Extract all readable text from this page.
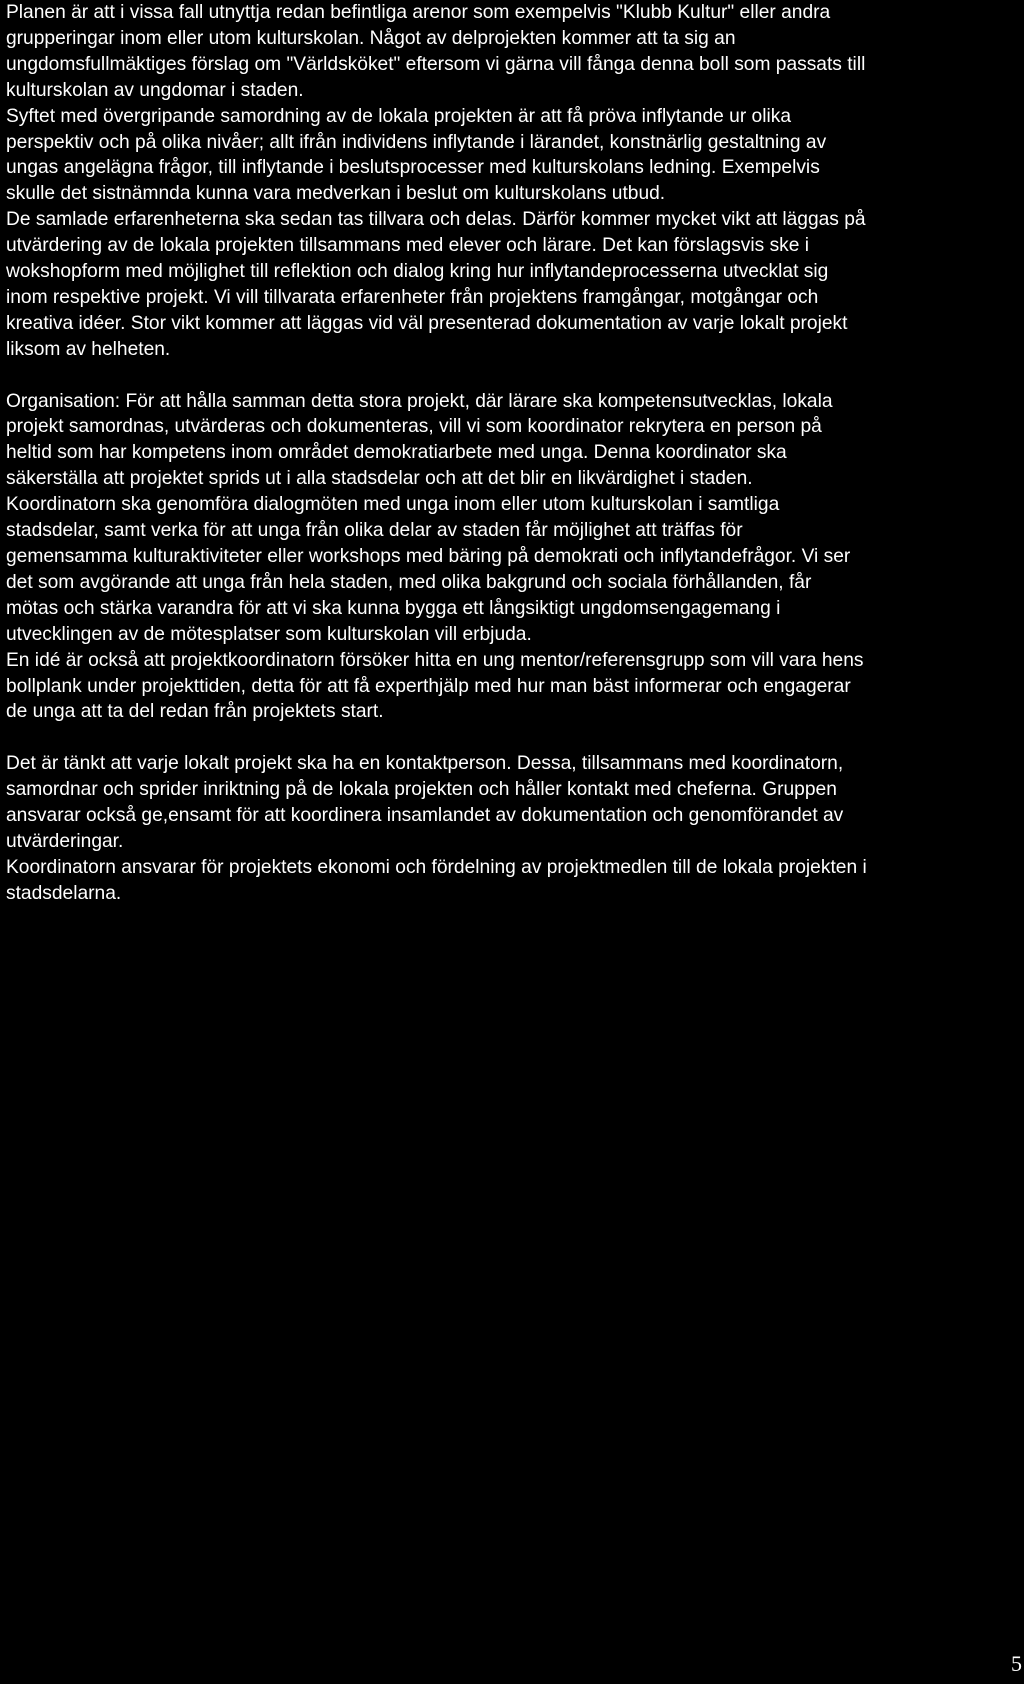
Planen är att i vissa fall utnyttja redan befintliga arenor som exempelvis "Klubb Kultur" eller andra
grupperingar inom eller utom kulturskolan. Något av delprojekten kommer att ta sig an
ungdomsfullmäktiges förslag om "Världsköket" eftersom vi gärna vill fånga denna boll som passats till
kulturskolan av ungdomar i staden.

Syftet med övergripande samordning av de lokala projekten är att få pröva inflytande ur olika
perspektiv och på olika nivåer; allt ifrån individens inflytande i lärandet, konstnärlig gestaltning av
ungas angelägna frågor, till inflytande i beslutsprocesser med kulturskolans ledning. Exempelvis
skulle det sistnämnda kunna vara medverkan i beslut om kulturskolans utbud.

De samlade erfarenheterna ska sedan tas tillvara och delas. Därför kommer mycket vikt att läggas på
utvärdering av de lokala projekten tillsammans med elever och lärare. Det kan förslagsvis ske i
wokshopform med möjlighet till reflektion och dialog kring hur inflytandeprocesserna utvecklat sig
inom respektive projekt. Vi vill tillvarata erfarenheter från projektens framgångar, motgångar och
kreativa idéer. Stor vikt kommer att läggas vid väl presenterad dokumentation av varje lokalt projekt
liksom av helheten.

Organisation: För att hålla samman detta stora projekt, där lärare ska kompetensutvecklas, lokala
projekt samordnas, utvärderas och dokumenteras, vill vi som koordinator rekrytera en person på
heltid som har kompetens inom området demokratiarbete med unga. Denna koordinator ska
säkerställa att projektet sprids ut i alla stadsdelar och att det blir en likvärdighet i staden.

Koordinatorn ska genomföra dialogmöten med unga inom eller utom kulturskolan i samtliga
stadsdelar, samt verka för att unga från olika delar av staden får möjlighet att träffas för
gemensamma kulturaktiviteter eller workshops med bäring på demokrati och inflytandefrågor. Vi ser
det som avgörande att unga från hela staden, med olika bakgrund och sociala förhållanden, får
mötas och stärka varandra för att vi ska kunna bygga ett långsiktigt ungdomsengagemang i
utvecklingen av de mötesplatser som kulturskolan vill erbjuda.

En idé är också att projektkoordinatorn försöker hitta en ung mentor/referensgrupp som vill vara hens
bollplank under projekttiden, detta för att få experthjälp med hur man bäst informerar och engagerar
de unga att ta del redan från projektets start.

Det är tänkt att varje lokalt projekt ska ha en kontaktperson. Dessa, tillsammans med koordinatorn,
samordnar och sprider inriktning på de lokala projekten och håller kontakt med cheferna. Gruppen
ansvarar också ge,ensamt för att koordinera insamlandet av dokumentation och genomförandet av
utvärderingar.

Koordinatorn ansvarar för projektets ekonomi och fördelning av projektmedlen till de lokala projekten i
stadsdelarna.

5
